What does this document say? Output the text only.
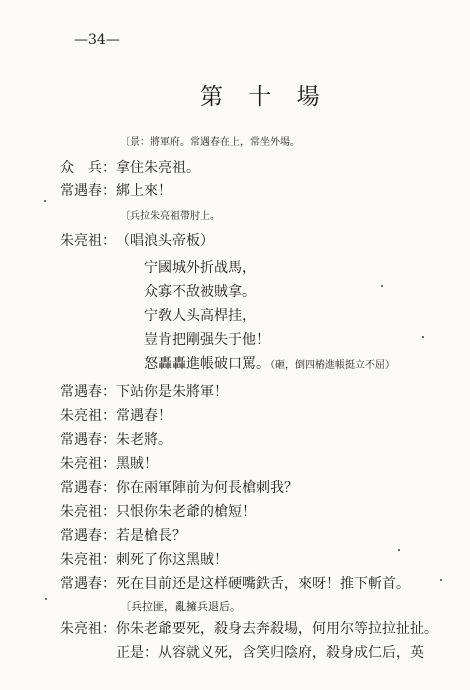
—34—
第 十 場
〔景：將軍府。常遇春在上，常坐外場。
众　兵：拿住朱亮祖。
常遇春：綁上來！
〔兵拉朱亮祖帶肘上。
朱亮祖：（唱浪头帝板）
宁國城外折战馬，
众寡不敌被賊拿。
宁敎人头高桿挂，
豈肯把剛强失于他！
怒轟轟進帳破口罵。（砸，倒四樁進帳挺立不屈）
常遇春：下站你是朱將軍！
朱亮祖：常遇春！
常遇春：朱老將。
朱亮祖：黑賊！
常遇春：你在兩軍陣前为何長槍刺我？
朱亮祖：只恨你朱老爺的槍短！
常遇春：若是槍長？
朱亮祖：刺死了你这黑賊！
常遇春：死在目前还是这样硬嘴鉄舌，來呀！推下斬首。
〔兵拉匪，亂擁兵退后。
朱亮祖：你朱老爺要死，殺身去奔殺場，何用尔等拉拉扯扯。
正是：从容就义死，含笑归陰府，殺身成仁后，英
